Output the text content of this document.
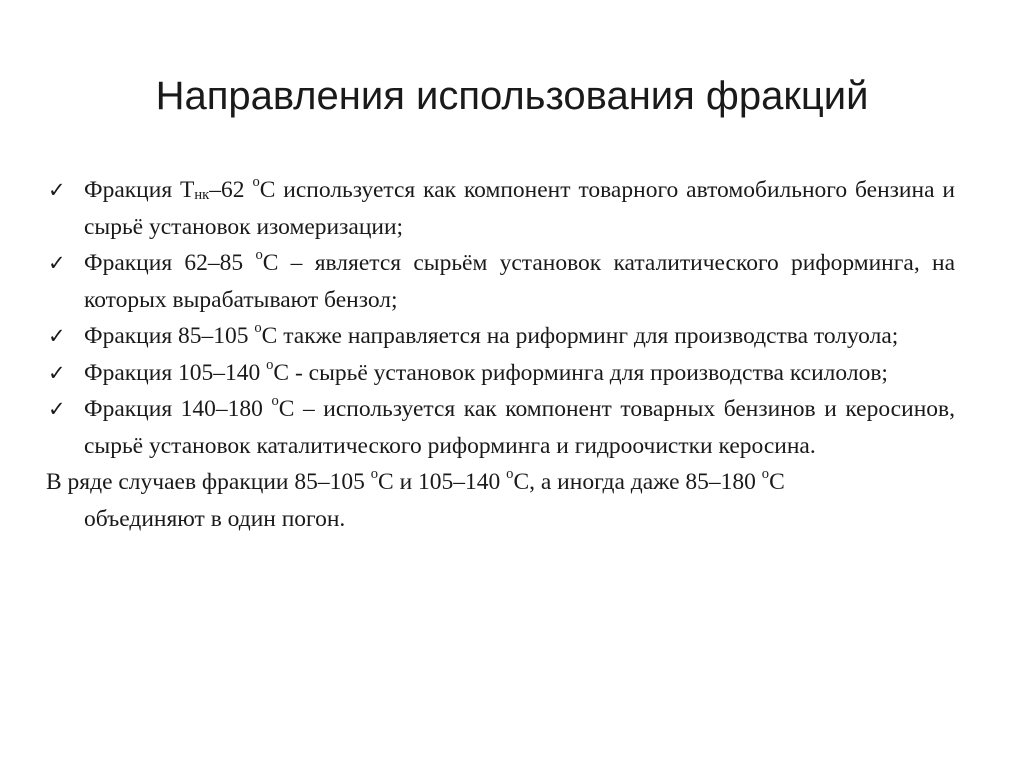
Направления использования фракций
✓ Фракция $Т_{нк}-62$ $^о$С используется как компонент товарного автомобильного бензина и сырьё установок изомеризации;
✓ Фракция 62–85 $^о$С – является сырьём установок каталитического риформинга, на которых вырабатывают бензол;
✓ Фракция 85–105 $^о$С также направляется на риформинг для производства толуола;
✓ Фракция 105–140 $^о$С - сырьё установок риформинга для производства ксилолов;
✓ Фракция 140–180 $^о$С – используется как компонент товарных бензинов и керосинов, сырьё установок каталитического риформинга и гидроочистки керосина.

В ряде случаев фракции 85–105 $^о$С и 105–140 $^о$С, а иногда даже 85–180 $^о$С
объединяют в один погон.
